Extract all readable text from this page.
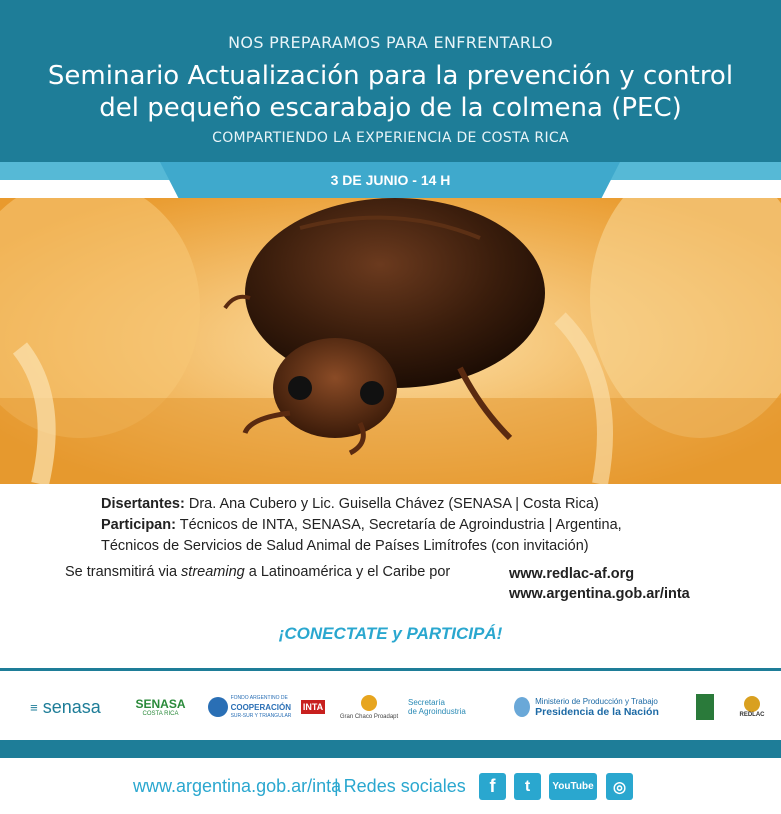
NOS PREPARAMOS PARA ENFRENTARLO
Seminario Actualización para la prevención y control
del pequeño escarabajo de la colmena (PEC)
COMPARTIENDO LA EXPERIENCIA DE COSTA RICA
3 DE JUNIO - 14 H
Disertantes: Dra. Ana Cubero y Lic. Guisella Chávez (SENASA | Costa Rica)
Participan: Técnicos de INTA, SENASA, Secretaría de Agroindustria | Argentina,
Técnicos de Servicios de Salud Animal de Países Limítrofes (con invitación)
Se transmitirá via streaming a Latinoamérica y el Caribe por	www.redlac-af.org
www.argentina.gob.ar/inta
¡CONECTATE y PARTICIPÁ!
≡ senasa	SENASA
COSTA RICA
FONDO ARGENTINO DE
COOPERACIÓN
SUR-SUR Y TRIANGULAR
INTA
Gran Chaco Proadapt
Secretaría
de Agroindustria
Ministerio de Producción y Trabajo
Presidencia de la Nación	REDLAC
www.argentina.gob.ar/inta
| Redes sociales	f	t	YouTube	◎
